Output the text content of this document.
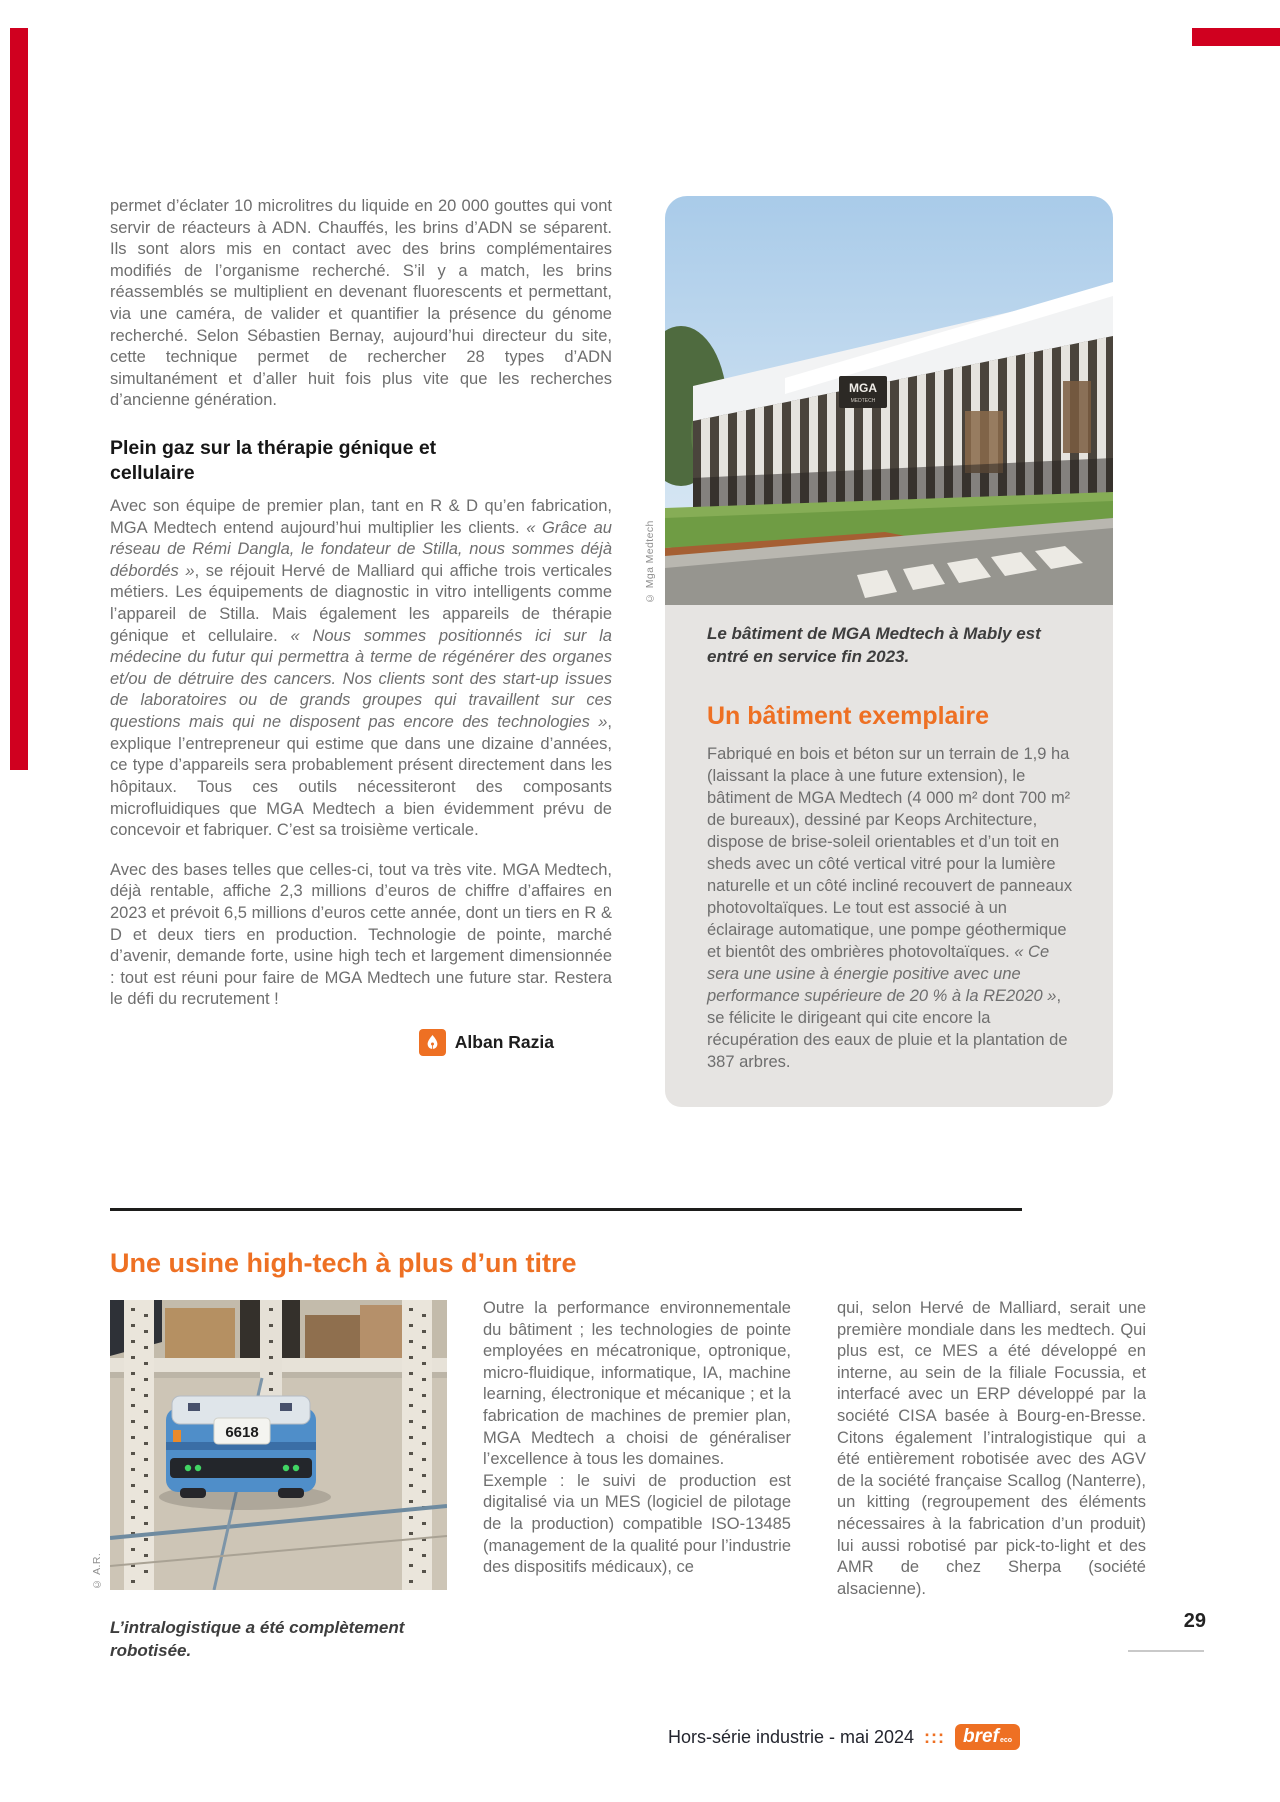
permet d’éclater 10 microlitres du liquide en 20 000 gouttes qui vont servir de réacteurs à ADN. Chauffés, les brins d’ADN se séparent. Ils sont alors mis en contact avec des brins complémentaires modifiés de l’organisme recherché. S’il y a match, les brins réassemblés se multiplient en devenant fluorescents et permettant, via une caméra, de valider et quantifier la présence du génome recherché. Selon Sébastien Bernay, aujourd’hui directeur du site, cette technique permet de rechercher 28 types d’ADN simultanément et d’aller huit fois plus vite que les recherches d’ancienne génération.

Plein gaz sur la thérapie génique et cellulaire

Avec son équipe de premier plan, tant en R & D qu’en fabrication, MGA Medtech entend aujourd’hui multiplier les clients. « Grâce au réseau de Rémi Dangla, le fondateur de Stilla, nous sommes déjà débordés », se réjouit Hervé de Malliard qui affiche trois verticales métiers. Les équipements de diagnostic in vitro intelligents comme l’appareil de Stilla. Mais également les appareils de thérapie génique et cellulaire. « Nous sommes positionnés ici sur la médecine du futur qui permettra à terme de régénérer des organes et/ou de détruire des cancers. Nos clients sont des start-up issues de laboratoires ou de grands groupes qui travaillent sur ces questions mais qui ne disposent pas encore des technologies », explique l’entrepreneur qui estime que dans une dizaine d’années, ce type d’appareils sera probablement présent directement dans les hôpitaux. Tous ces outils nécessiteront des composants microfluidiques que MGA Medtech a bien évidemment prévu de concevoir et fabriquer. C’est sa troisième verticale.

Avec des bases telles que celles-ci, tout va très vite. MGA Medtech, déjà rentable, affiche 2,3 millions d’euros de chiffre d’affaires en 2023 et prévoit 6,5 millions d’euros cette année, dont un tiers en R & D et deux tiers en production. Technologie de pointe, marché d’avenir, demande forte, usine high tech et largement dimensionnée : tout est réuni pour faire de MGA Medtech une future star. Restera le défi du recrutement !

Alban Razia
MGA
MEDTECH
© Mga Medtech

Le bâtiment de MGA Medtech à Mably est entré en service fin 2023.

Un bâtiment exemplaire
Fabriqué en bois et béton sur un terrain de 1,9 ha (laissant la place à une future extension), le bâtiment de MGA Medtech (4 000 m² dont 700 m² de bureaux), dessiné par Keops Architecture, dispose de brise-soleil orientables et d’un toit en sheds avec un côté vertical vitré pour la lumière naturelle et un côté incliné recouvert de panneaux photovoltaïques. Le tout est associé à un éclairage automatique, une pompe géothermique et bientôt des ombrières photovoltaïques. « Ce sera une usine à énergie positive avec une performance supérieure de 20 % à la RE2020 », se félicite le dirigeant qui cite encore la récupération des eaux de pluie et la plantation de 387 arbres.
Une usine high-tech à plus d’un titre
6618
© A.R.

L’intralogistique a été complètement robotisée.

Outre la performance environnementale du bâtiment ; les technologies de pointe employées en mécatronique, optronique, micro-fluidique, informatique, IA, machine learning, électronique et mécanique ; et la fabrication de machines de premier plan, MGA Medtech a choisi de généraliser l’excellence à tous les domaines.

Exemple : le suivi de production est digitalisé via un MES (logiciel de pilotage de la production) compatible ISO-13485 (management de la qualité pour l’industrie des dispositifs médicaux), ce

qui, selon Hervé de Malliard, serait une première mondiale dans les medtech. Qui plus est, ce MES a été développé en interne, au sein de la filiale Focussia, et interfacé avec un ERP développé par la société CISA basée à Bourg-en-Bresse. Citons également l’intralogistique qui a été entièrement robotisée avec des AGV de la société française Scallog (Nanterre), un kitting (regroupement des éléments nécessaires à la fabrication d’un produit) lui aussi robotisé par pick-to-light et des AMR de chez Sherpa (société alsacienne).

29
Hors-série industrie - mai 2024 ::: bref eco
